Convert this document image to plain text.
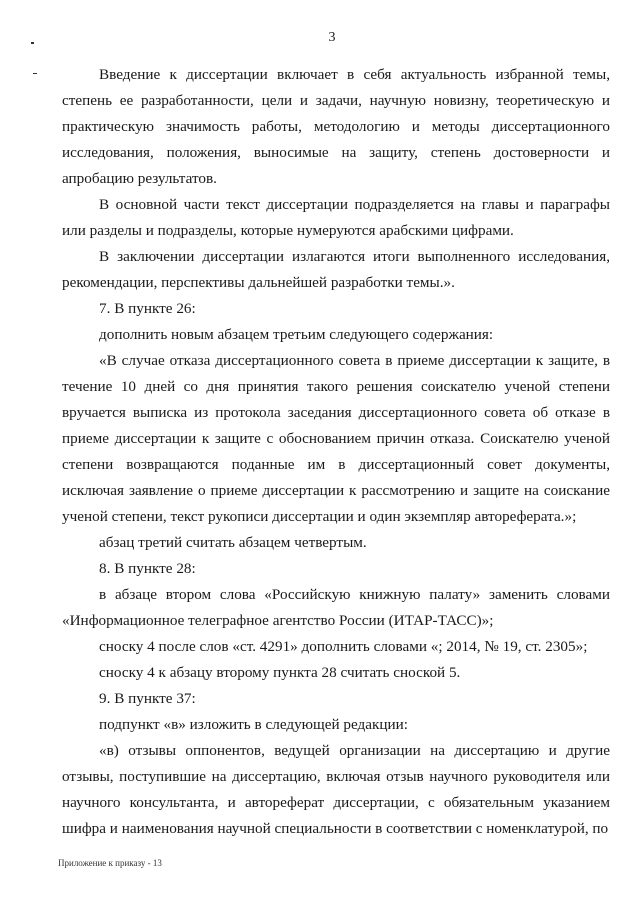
3

Введение к диссертации включает в себя актуальность избранной темы, степень ее разработанности, цели и задачи, научную новизну, теоретическую и практическую значимость работы, методологию и методы диссертационного исследования, положения, выносимые на защиту, степень достоверности и апробацию результатов.

В основной части текст диссертации подразделяется на главы и параграфы или разделы и подразделы, которые нумеруются арабскими цифрами.

В заключении диссертации излагаются итоги выполненного исследования, рекомендации, перспективы дальнейшей разработки темы.».

7. В пункте 26:

дополнить новым абзацем третьим следующего содержания:

«В случае отказа диссертационного совета в приеме диссертации к защите, в течение 10 дней со дня принятия такого решения соискателю ученой степени вручается выписка из протокола заседания диссертационного совета об отказе в приеме диссертации к защите с обоснованием причин отказа. Соискателю ученой степени возвращаются поданные им в диссертационный совет документы, исключая заявление о приеме диссертации к рассмотрению и защите на соискание ученой степени, текст рукописи диссертации и один экземпляр автореферата.»;

абзац третий считать абзацем четвертым.

8. В пункте 28:

в абзаце втором слова «Российскую книжную палату» заменить словами «Информационное телеграфное агентство России (ИТАР-ТАСС)»;

сноску 4 после слов «ст. 4291» дополнить словами «; 2014, № 19, ст. 2305»;

сноску 4 к абзацу второму пункта 28 считать сноской 5.

9. В пункте 37:

подпункт «в» изложить в следующей редакции:

«в) отзывы оппонентов, ведущей организации на диссертацию и другие отзывы, поступившие на диссертацию, включая отзыв научного руководителя или научного консультанта, и автореферат диссертации, с обязательным указанием шифра и наименования научной специальности в соответствии с номенклатурой, по

Приложение к приказу - 13
